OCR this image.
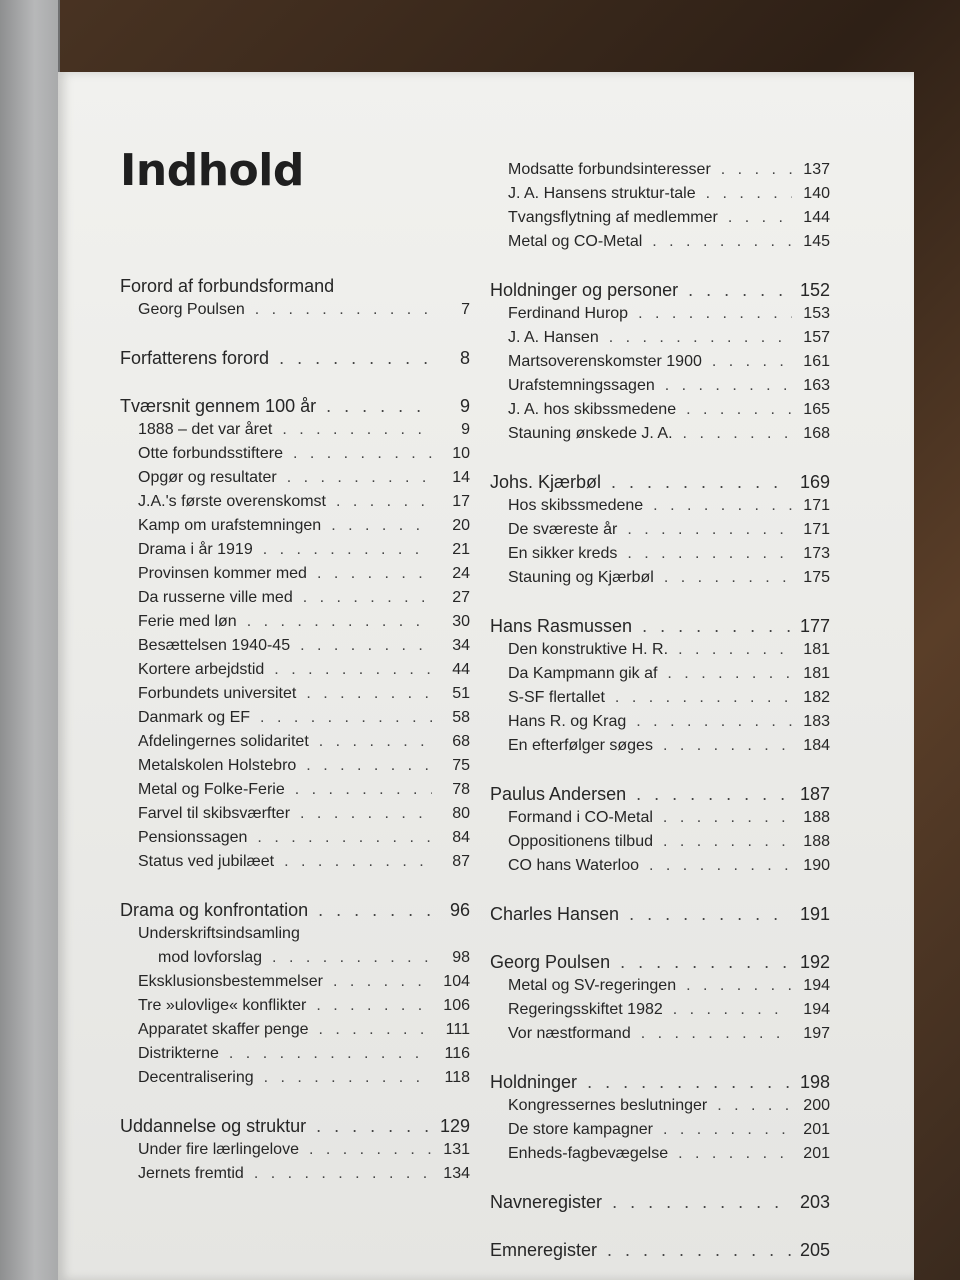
Indhold
Forord af forbundsformand
Georg Poulsen . . .	7
Forfatterens forord . . .	8
Tværsnit gennem 100 år . . .	9
1888 – det var året . . .	9
Otte forbundsstiftere . . .	10
Opgør og resultater . . .	14
J.A.'s første overenskomst . . .	17
Kamp om urafstemningen . . .	20
Drama i år 1919 . . .	21
Provinsen kommer med . . .	24
Da russerne ville med . . .	27
Ferie med løn . . .	30
Besættelsen 1940-45 . . .	34
Kortere arbejdstid . . .	44
Forbundets universitet . . .	51
Danmark og EF . . .	58
Afdelingernes solidaritet . . .	68
Metalskolen Holstebro . . .	75
Metal og Folke-Ferie . . .	78
Farvel til skibsværfter . . .	80
Pensionssagen . . .	84
Status ved jubilæet . . .	87
Drama og konfrontation . . .	96
Underskriftsindsamling
mod lovforslag . . .	98
Eksklusionsbestemmelser . . .	104
Tre »ulovlige« konflikter . . .	106
Apparatet skaffer penge . . .	111
Distrikterne . . .	116
Decentralisering . . .	118
Uddannelse og struktur . . .	129
Under fire lærlingelove . . .	131
Jernets fremtid . . .	134
Modsatte forbundsinteresser . . .	137
J. A. Hansens struktur-tale . . .	140
Tvangsflytning af medlemmer . . .	144
Metal og CO-Metal . . .	145
Holdninger og personer . . .	152
Ferdinand Hurop . . .	153
J. A. Hansen . . .	157
Martsoverenskomster 1900 . . .	161
Urafstemningssagen . . .	163
J. A. hos skibssmedene . . .	165
Stauning ønskede J. A. . . .	168
Johs. Kjærbøl . . .	169
Hos skibssmedene . . .	171
De sværeste år . . .	171
En sikker kreds . . .	173
Stauning og Kjærbøl . . .	175
Hans Rasmussen . . .	177
Den konstruktive H. R. . . .	181
Da Kampmann gik af . . .	181
S-SF flertallet . . .	182
Hans R. og Krag . . .	183
En efterfølger søges . . .	184
Paulus Andersen . . .	187
Formand i CO-Metal . . .	188
Oppositionens tilbud . . .	188
CO hans Waterloo . . .	190
Charles Hansen . . .	191
Georg Poulsen . . .	192
Metal og SV-regeringen . . .	194
Regeringsskiftet 1982 . . .	194
Vor næstformand . . .	197
Holdninger . . .	198
Kongressernes beslutninger . . .	200
De store kampagner . . .	201
Enheds-fagbevægelse . . .	201
Navneregister . . .	203
Emneregister . . .	205
